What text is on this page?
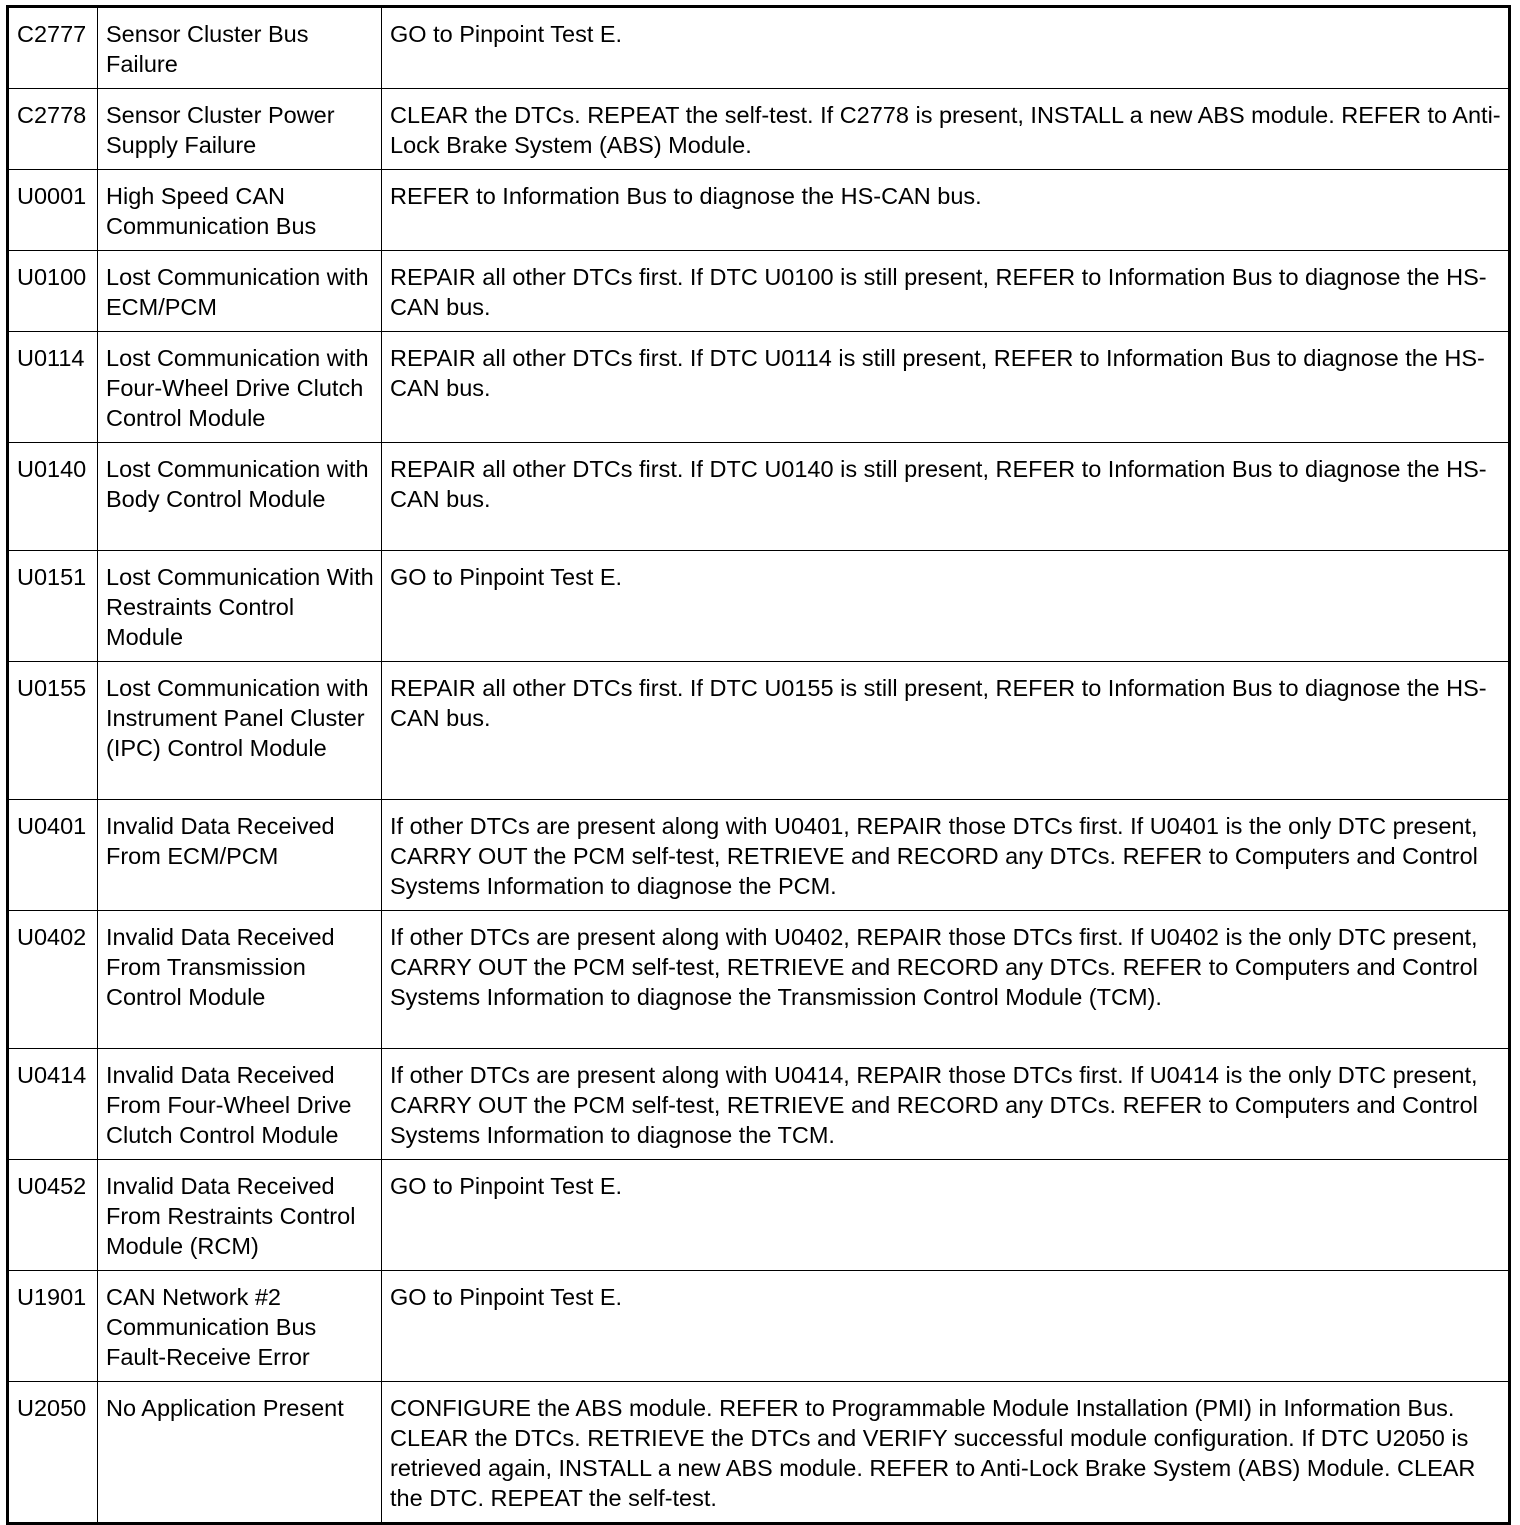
C2777	Sensor Cluster Bus Failure	GO to Pinpoint Test E.
C2778	Sensor Cluster Power Supply Failure	CLEAR the DTCs. REPEAT the self-test. If C2778 is present, INSTALL a new ABS module. REFER to Anti-Lock Brake System (ABS) Module.
U0001	High Speed CAN Communication Bus	REFER to Information Bus to diagnose the HS-CAN bus.
U0100	Lost Communication with ECM/PCM	REPAIR all other DTCs first. If DTC U0100 is still present, REFER to Information Bus to diagnose the HS-CAN bus.
U0114	Lost Communication with Four-Wheel Drive Clutch Control Module	REPAIR all other DTCs first. If DTC U0114 is still present, REFER to Information Bus to diagnose the HS-CAN bus.
U0140	Lost Communication with Body Control Module	REPAIR all other DTCs first. If DTC U0140 is still present, REFER to Information Bus to diagnose the HS-CAN bus.
U0151	Lost Communication With Restraints Control Module	GO to Pinpoint Test E.
U0155	Lost Communication with Instrument Panel Cluster (IPC) Control Module	REPAIR all other DTCs first. If DTC U0155 is still present, REFER to Information Bus to diagnose the HS-CAN bus.
U0401	Invalid Data Received From ECM/PCM	If other DTCs are present along with U0401, REPAIR those DTCs first. If U0401 is the only DTC present, CARRY OUT the PCM self-test, RETRIEVE and RECORD any DTCs. REFER to Computers and Control Systems Information to diagnose the PCM.
U0402	Invalid Data Received From Transmission Control Module	If other DTCs are present along with U0402, REPAIR those DTCs first. If U0402 is the only DTC present, CARRY OUT the PCM self-test, RETRIEVE and RECORD any DTCs. REFER to Computers and Control Systems Information to diagnose the Transmission Control Module (TCM).
U0414	Invalid Data Received From Four-Wheel Drive Clutch Control Module	If other DTCs are present along with U0414, REPAIR those DTCs first. If U0414 is the only DTC present, CARRY OUT the PCM self-test, RETRIEVE and RECORD any DTCs. REFER to Computers and Control Systems Information to diagnose the TCM.
U0452	Invalid Data Received From Restraints Control Module (RCM)	GO to Pinpoint Test E.
U1901	CAN Network #2 Communication Bus Fault-Receive Error	GO to Pinpoint Test E.
U2050	No Application Present	CONFIGURE the ABS module. REFER to Programmable Module Installation (PMI) in Information Bus. CLEAR the DTCs. RETRIEVE the DTCs and VERIFY successful module configuration. If DTC U2050 is retrieved again, INSTALL a new ABS module. REFER to Anti-Lock Brake System (ABS) Module. CLEAR the DTC. REPEAT the self-test.
